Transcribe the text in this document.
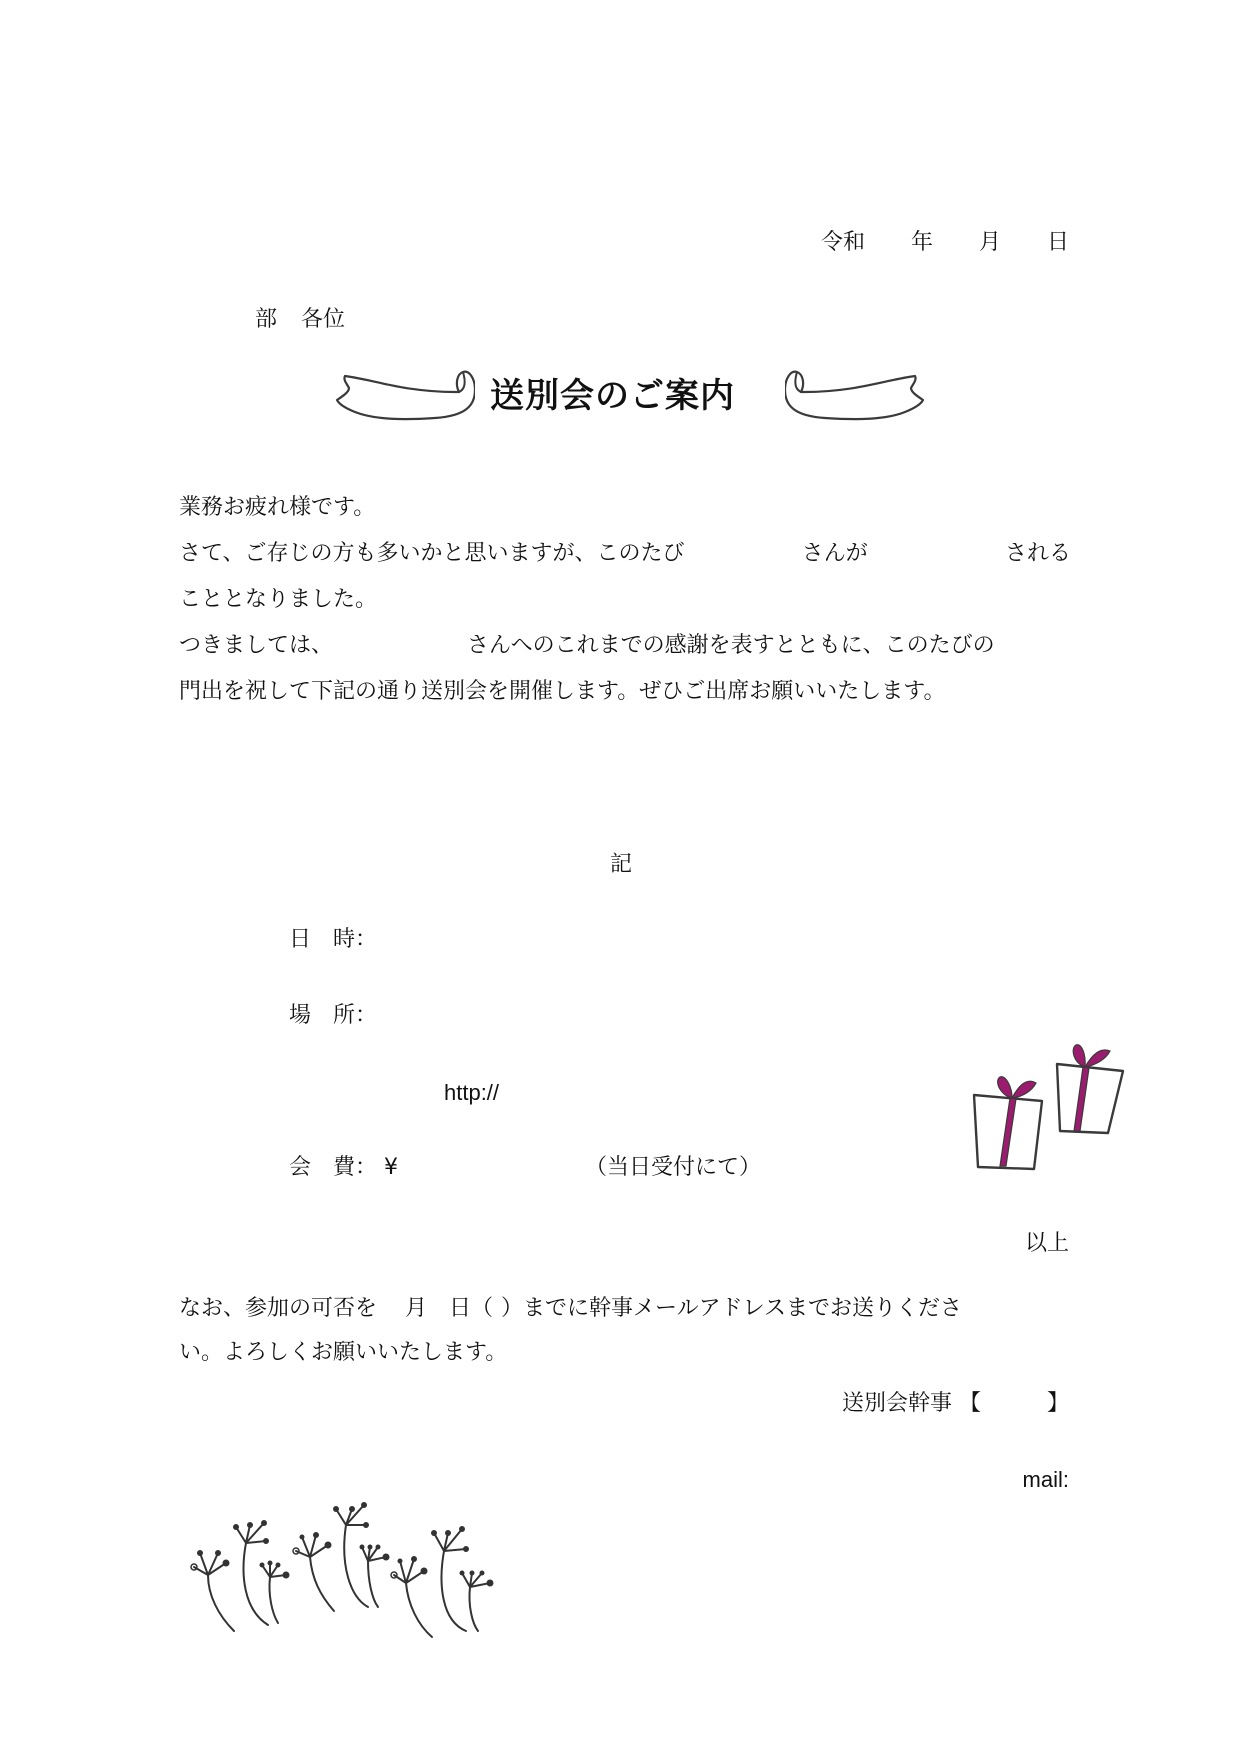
令和 年 月 日
部 各位
送別会のご案内
業務お疲れ様です。
さて、ご存じの方も多いかと思いますが、このたび	さんが	される
こととなりました。
つきましては、	さんへのこれまでの感謝を表すとともに、このたびの
門出を祝して下記の通り送別会を開催します。ぜひご出席お願いいたします。
記
日　時：
場　所：
http://
会　費： ¥	（当日受付にて）
以上
なお、参加の可否を 月 日（ ）までに幹事メールアドレスまでお送りくださ
い。よろしくお願いいたします。
送別会幹事 【	】
mail:
